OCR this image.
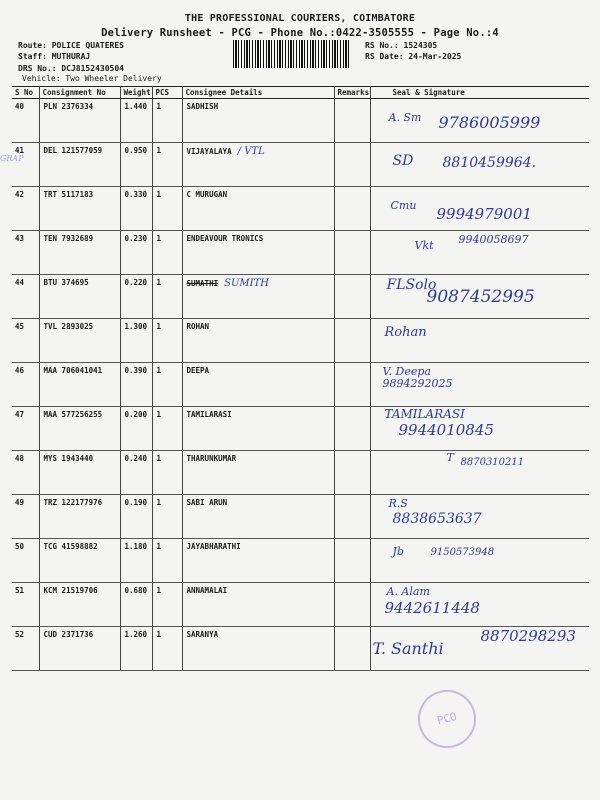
THE PROFESSIONAL COURIERS, COIMBATORE
Delivery Runsheet - PCG - Phone No.:0422-3505555 - Page No.:4
Route: POLICE QUATERES
Staff: MUTHURAJ
DRS No.: DCJ8152430504
Vehicle: Two Wheeler Delivery
RS No.: 1524305
RS Date: 24-Mar-2025
GRAP
S No	Consignment No	Weight	PCS	Consignee Details	Remarks	Seal & Signature
40	PLN 2376334	1.440	1	SADHISH		A. Sm 9786005999

41	DEL 121577059	0.950	1	VIJAYALAYA / VTL		SD 8810459964.

42	TRT 5117183	0.330	1	C MURUGAN		Cmu 9994979001

43	TEN 7932689	0.230	1	ENDEAVOUR TRONICS		Vkt 9940058697

44	BTU 374695	0.220	1	SUMATHI SUMITH		FLSolo
9087452995

45	TVL 2893025	1.300	1	ROHAN		Rohan

46	MAA 706041041	0.390	1	DEEPA		V. Deepa
9894292025

47	MAA 577256255	0.200	1	TAMILARASI		TAMILARASI
9944010845

48	MYS 1943440	0.240	1	THARUNKUMAR		T 8870310211

49	TRZ 122177976	0.190	1	SABI ARUN		R.S
8838653637

50	TCG 41598882	1.180	1	JAYABHARATHI		Jb 9150573948

51	KCM 21519706	0.680	1	ANNAMALAI		A. Alam
9442611448

52	CUD 2371736	1.260	1	SARANYA		T. Santhi
8870298293
PCO
